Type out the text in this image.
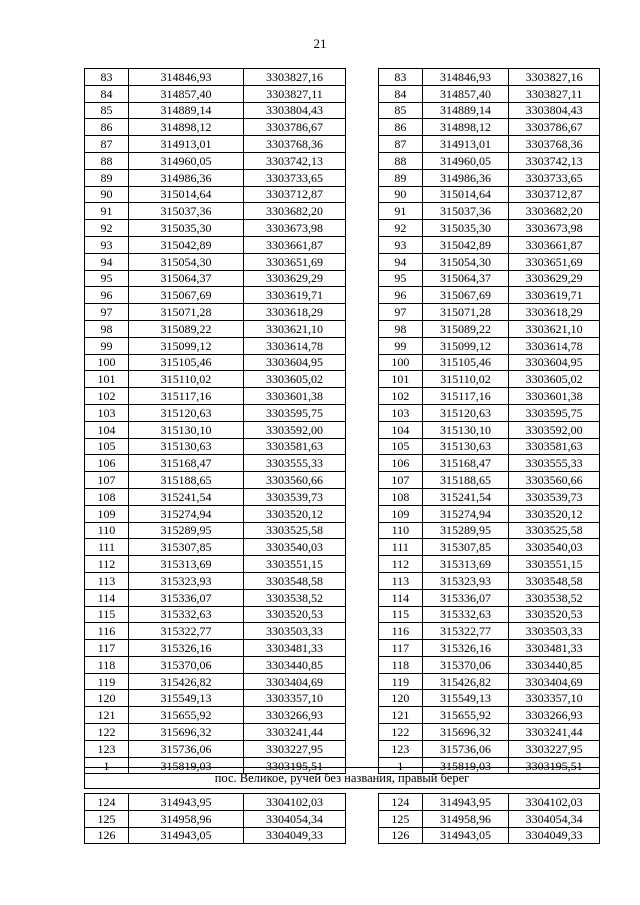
21
83	314846,93	3303827,16
84	314857,40	3303827,11
85	314889,14	3303804,43
86	314898,12	3303786,67
87	314913,01	3303768,36
88	314960,05	3303742,13
89	314986,36	3303733,65
90	315014,64	3303712,87
91	315037,36	3303682,20
92	315035,30	3303673,98
93	315042,89	3303661,87
94	315054,30	3303651,69
95	315064,37	3303629,29
96	315067,69	3303619,71
97	315071,28	3303618,29
98	315089,22	3303621,10
99	315099,12	3303614,78
100	315105,46	3303604,95
101	315110,02	3303605,02
102	315117,16	3303601,38
103	315120,63	3303595,75
104	315130,10	3303592,00
105	315130,63	3303581,63
106	315168,47	3303555,33
107	315188,65	3303560,66
108	315241,54	3303539,73
109	315274,94	3303520,12
110	315289,95	3303525,58
111	315307,85	3303540,03
112	315313,69	3303551,15
113	315323,93	3303548,58
114	315336,07	3303538,52
115	315332,63	3303520,53
116	315322,77	3303503,33
117	315326,16	3303481,33
118	315370,06	3303440,85
119	315426,82	3303404,69
120	315549,13	3303357,10
121	315655,92	3303266,93
122	315696,32	3303241,44
123	315736,06	3303227,95
1	315819,03	3303195,51
83	314846,93	3303827,16
84	314857,40	3303827,11
85	314889,14	3303804,43
86	314898,12	3303786,67
87	314913,01	3303768,36
88	314960,05	3303742,13
89	314986,36	3303733,65
90	315014,64	3303712,87
91	315037,36	3303682,20
92	315035,30	3303673,98
93	315042,89	3303661,87
94	315054,30	3303651,69
95	315064,37	3303629,29
96	315067,69	3303619,71
97	315071,28	3303618,29
98	315089,22	3303621,10
99	315099,12	3303614,78
100	315105,46	3303604,95
101	315110,02	3303605,02
102	315117,16	3303601,38
103	315120,63	3303595,75
104	315130,10	3303592,00
105	315130,63	3303581,63
106	315168,47	3303555,33
107	315188,65	3303560,66
108	315241,54	3303539,73
109	315274,94	3303520,12
110	315289,95	3303525,58
111	315307,85	3303540,03
112	315313,69	3303551,15
113	315323,93	3303548,58
114	315336,07	3303538,52
115	315332,63	3303520,53
116	315322,77	3303503,33
117	315326,16	3303481,33
118	315370,06	3303440,85
119	315426,82	3303404,69
120	315549,13	3303357,10
121	315655,92	3303266,93
122	315696,32	3303241,44
123	315736,06	3303227,95
1	315819,03	3303195,51
пос. Великое, ручей без названия, правый берег
124	314943,95	3304102,03
125	314958,96	3304054,34
126	314943,05	3304049,33
124	314943,95	3304102,03
125	314958,96	3304054,34
126	314943,05	3304049,33
